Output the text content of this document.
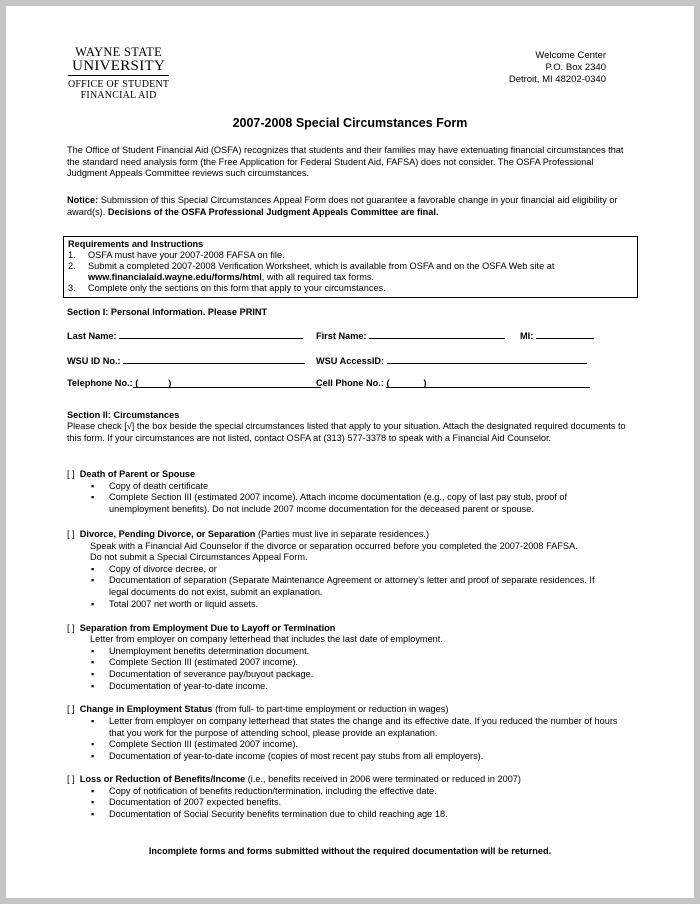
WAYNE STATE
UNIVERSITY
OFFICE OF STUDENT
FINANCIAL AID
Welcome Center
P.O. Box 2340
Detroit, MI 48202-0340
2007-2008 Special Circumstances Form
The Office of Student Financial Aid (OSFA) recognizes that students and their families may have extenuating financial circumstances that the standard need analysis form (the Free Application for Federal Student Aid, FAFSA) does not consider. The OSFA Professional Judgment Appeals Committee reviews such circumstances.
Notice: Submission of this Special Circumstances Appeal Form does not guarantee a favorable change in your financial aid eligibility or award(s). Decisions of the OSFA Professional Judgment Appeals Committee are final.
Requirements and Instructions
1. OSFA must have your 2007-2008 FAFSA on file.
2. Submit a completed 2007-2008 Verification Worksheet, which is available from OSFA and on the OSFA Web site at
www.financialaid.wayne.edu/forms/html, with all required tax forms.
3. Complete only the sections on this form that apply to your circumstances.
Section I: Personal Information. Please PRINT
Last Name:	First Name:	MI:
WSU ID No.:	WSU AccessID:
Telephone No.: (	)	Cell Phone No.: (	)
Section II: Circumstances
Please check [√] the box beside the special circumstances listed that apply to your situation. Attach the designated required documents to this form. If your circumstances are not listed, contact OSFA at (313) 577-3378 to speak with a Financial Aid Counselor.
[ ] Death of Parent or Spouse
▪ Copy of death certificate
▪ Complete Section III (estimated 2007 income). Attach income documentation (e.g., copy of last pay stub, proof of unemployment benefits). Do not include 2007 income documentation for the deceased parent or spouse.
[ ] Divorce, Pending Divorce, or Separation (Parties must live in separate residences.)
Speak with a Financial Aid Counselor if the divorce or separation occurred before you completed the 2007-2008 FAFSA.
Do not submit a Special Circumstances Appeal Form.
▪ Copy of divorce decree, or
▪ Documentation of separation (Separate Maintenance Agreement or attorney’s letter and proof of separate residences. If legal documents do not exist, submit an explanation.
▪ Total 2007 net worth or liquid assets.
[ ] Separation from Employment Due to Layoff or Termination
Letter from employer on company letterhead that includes the last date of employment.
▪ Unemployment benefits determination document.
▪ Complete Section III (estimated 2007 income).
▪ Documentation of severance pay/buyout package.
▪ Documentation of year-to-date income.
[ ] Change in Employment Status (from full- to part-time employment or reduction in wages)
▪ Letter from employer on company letterhead that states the change and its effective date. If you reduced the number of hours that you work for the purpose of attending school, please provide an explanation.
▪ Complete Section III (estimated 2007 income).
▪ Documentation of year-to-date income (copies of most recent pay stubs from all employers).
[ ] Loss or Reduction of Benefits/Income (i.e., benefits received in 2006 were terminated or reduced in 2007)
▪ Copy of notification of benefits reduction/termination, including the effective date.
▪ Documentation of 2007 expected benefits.
▪ Documentation of Social Security benefits termination due to child reaching age 18.
Incomplete forms and forms submitted without the required documentation will be returned.
